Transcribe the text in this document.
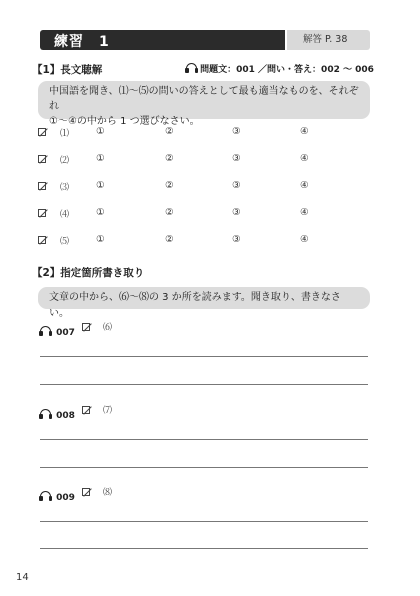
練習　1	解答 P. 38
【1】長文聴解	問題文：001 ／問い・答え：002 ～ 006
中国語を聞き、⑴～⑸の問いの答えとして最も適当なものを、それぞれ
①～④の中から 1 つ選びなさい。
⑴	①	②	③	④
⑵	①	②	③	④
⑶	①	②	③	④
⑷	①	②	③	④
⑸	①	②	③	④
【2】指定箇所書き取り
文章の中から、⑹～⑻の 3 か所を読みます。聞き取り、書きなさい。
007	⑹
008	⑺
009	⑻
14
